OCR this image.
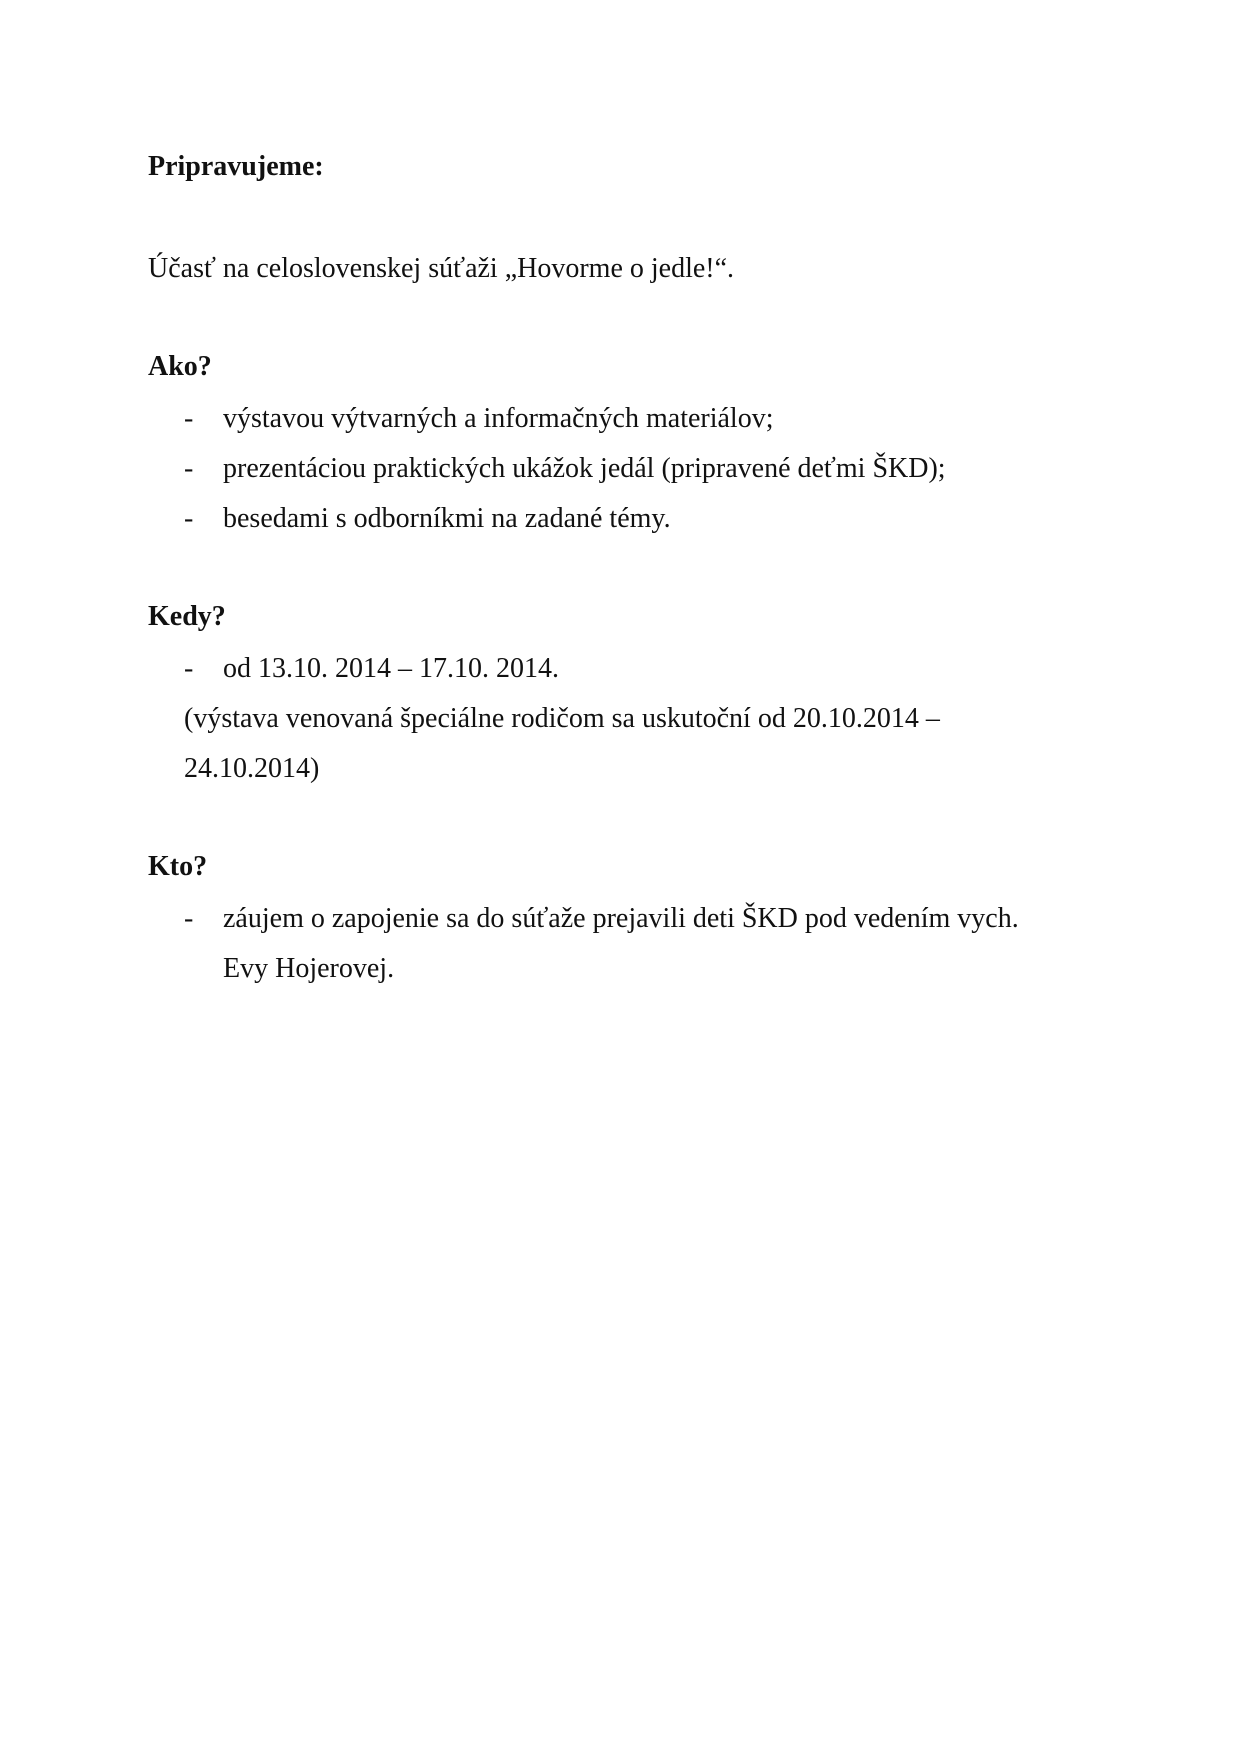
Pripravujeme:
Účasť na celoslovenskej súťaži „Hovorme o jedle!“.
Ako?
- výstavou výtvarných a informačných materiálov;
- prezentáciou praktických ukážok jedál (pripravené deťmi ŠKD);
- besedami s odborníkmi na zadané témy.
Kedy?
- od 13.10. 2014 – 17.10. 2014.
(výstava venovaná špeciálne rodičom sa uskutoční od 20.10.2014 –
24.10.2014)
Kto?
- záujem o zapojenie sa do súťaže prejavili deti ŠKD pod vedením vych.
Evy Hojerovej.
